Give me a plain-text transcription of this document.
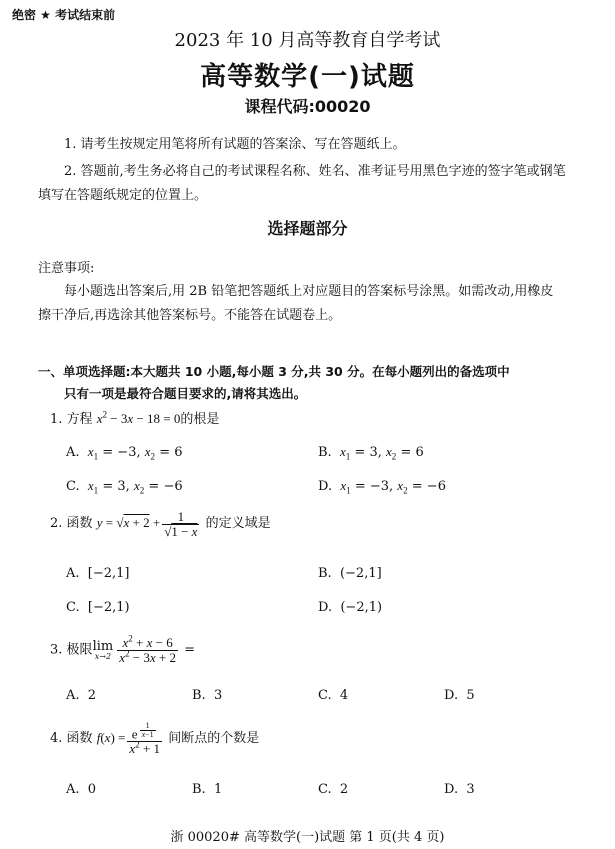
绝密 ★ 考试结束前
2023 年 10 月高等教育自学考试
高等数学(一)试题
课程代码:00020
1. 请考生按规定用笔将所有试题的答案涂、写在答题纸上。
2. 答题前,考生务必将自己的考试课程名称、姓名、准考证号用黑色字迹的签字笔或钢笔
填写在答题纸规定的位置上。
选择题部分
注意事项:
每小题选出答案后,用 2B 铅笔把答题纸上对应题目的答案标号涂黑。如需改动,用橡皮
擦干净后,再选涂其他答案标号。不能答在试题卷上。
一、单项选择题:本大题共 10 小题,每小题 3 分,共 30 分。在每小题列出的备选项中
只有一项是最符合题目要求的,请将其选出。
1. 方程 $x^2 - 3x - 18 = 0$的根是
A. $x_1 = -3$, $x_2 = 6$	B. $x_1 = 3$, $x_2 = 6$
C. $x_1 = 3$, $x_2 = -6$	D. $x_1 = -3$, $x_2 = -6$
2. 函数 $y = √x + 2 + \frac{1}{√1 - x}$ 的定义域是
A. [−2,1]	B. (−2,1]
C. [−2,1)	D. (−2,1)
3. 极限lim
$x\to 2 \frac{x^2 + x - 6}{x^2 - 3x + 2}$ =
A. 2	B. 3	C. 4	D. 5
4. 函数 f(x) = e $^{\frac{1}{x-1}}$
$x^2 + 1$ 间断点的个数是
A. 0	B. 1	C. 2	D. 3
浙 00020# 高等数学(一)试题 第 1 页(共 4 页)
